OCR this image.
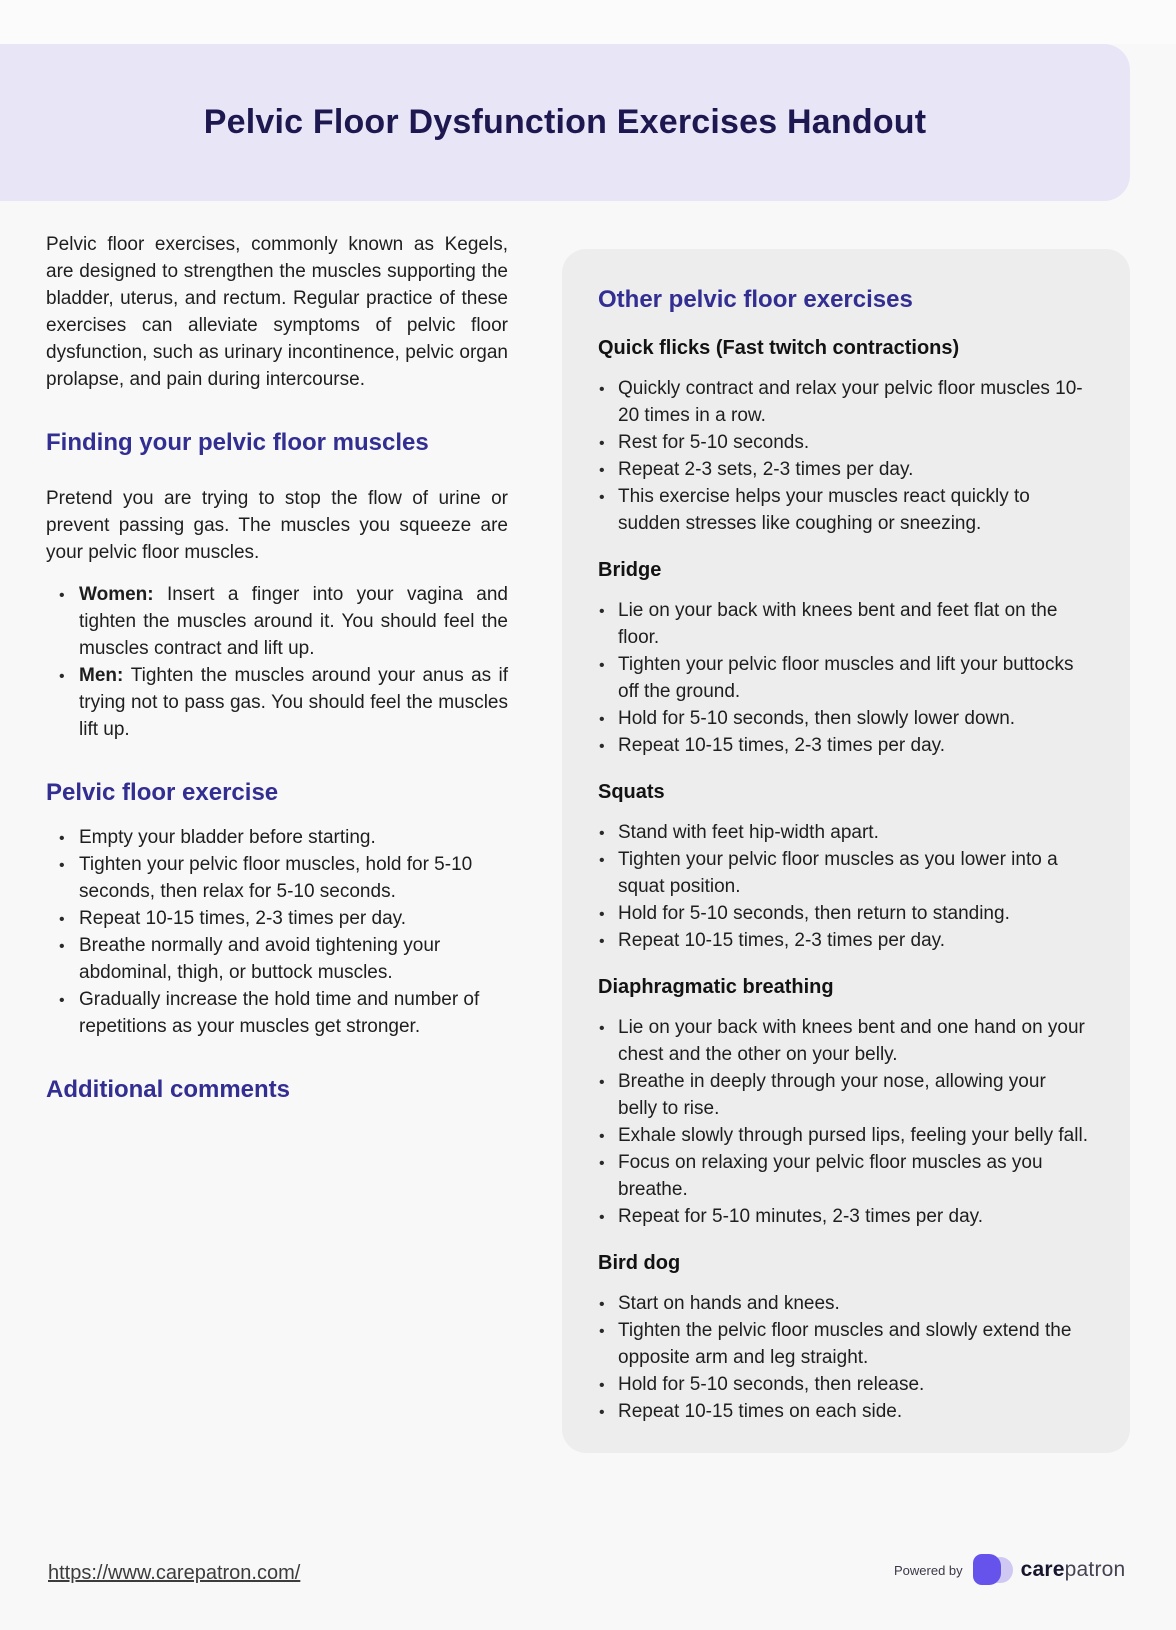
Pelvic Floor Dysfunction Exercises Handout

Pelvic floor exercises, commonly known as Kegels, are designed to strengthen the muscles supporting the bladder, uterus, and rectum. Regular practice of these exercises can alleviate symptoms of pelvic floor dysfunction, such as urinary incontinence, pelvic organ prolapse, and pain during intercourse.

Finding your pelvic floor muscles

Pretend you are trying to stop the flow of urine or prevent passing gas. The muscles you squeeze are your pelvic floor muscles.

• Women: Insert a finger into your vagina and tighten the muscles around it. You should feel the muscles contract and lift up.
• Men: Tighten the muscles around your anus as if trying not to pass gas. You should feel the muscles lift up.
Pelvic floor exercise
• Empty your bladder before starting.
• Tighten your pelvic floor muscles, hold for 5-10 seconds, then relax for 5-10 seconds.
• Repeat 10-15 times, 2-3 times per day.
• Breathe normally and avoid tightening your abdominal, thigh, or buttock muscles.
• Gradually increase the hold time and number of repetitions as your muscles get stronger.
Additional comments
Other pelvic floor exercises
Quick flicks (Fast twitch contractions)
• Quickly contract and relax your pelvic floor muscles 10-20 times in a row.
• Rest for 5-10 seconds.
• Repeat 2-3 sets, 2-3 times per day.
• This exercise helps your muscles react quickly to sudden stresses like coughing or sneezing.
Bridge
• Lie on your back with knees bent and feet flat on the floor.
• Tighten your pelvic floor muscles and lift your buttocks off the ground.
• Hold for 5-10 seconds, then slowly lower down.
• Repeat 10-15 times, 2-3 times per day.
Squats
• Stand with feet hip-width apart.
• Tighten your pelvic floor muscles as you lower into a squat position.
• Hold for 5-10 seconds, then return to standing.
• Repeat 10-15 times, 2-3 times per day.
Diaphragmatic breathing
• Lie on your back with knees bent and one hand on your chest and the other on your belly.
• Breathe in deeply through your nose, allowing your belly to rise.
• Exhale slowly through pursed lips, feeling your belly fall.
• Focus on relaxing your pelvic floor muscles as you breathe.
• Repeat for 5-10 minutes, 2-3 times per day.
Bird dog
• Start on hands and knees.
• Tighten the pelvic floor muscles and slowly extend the opposite arm and leg straight.
• Hold for 5-10 seconds, then release.
• Repeat 10-15 times on each side.
https://www.carepatron.com/	Powered by	carepatron
